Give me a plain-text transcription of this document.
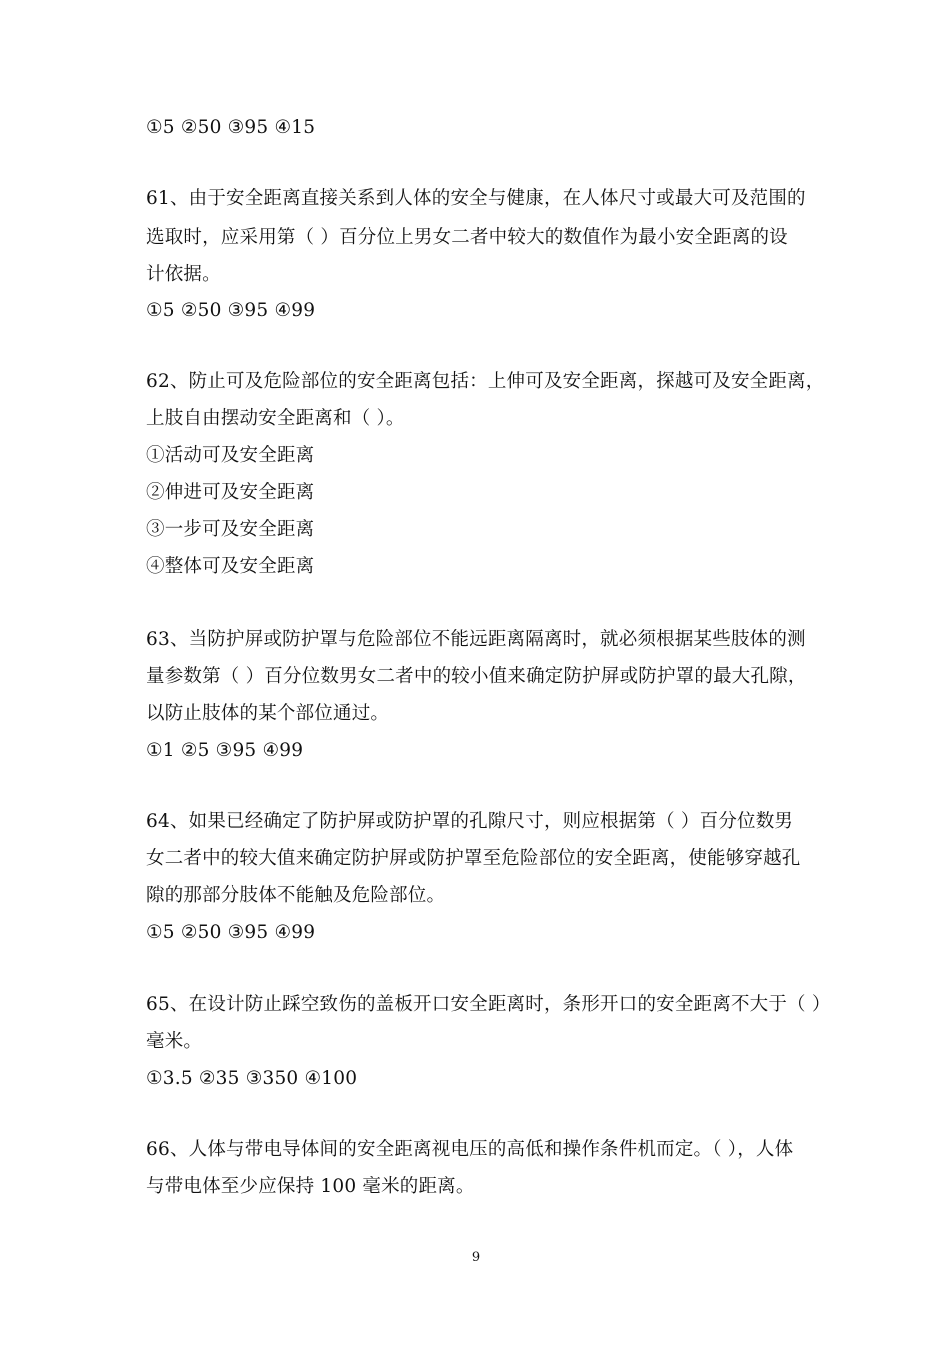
①5 ②50 ③95 ④15
61、由于安全距离直接关系到人体的安全与健康，在人体尺寸或最大可及范围的
选取时，应采用第（ ）百分位上男女二者中较大的数值作为最小安全距离的设
计依据。
①5 ②50 ③95 ④99
62、防止可及危险部位的安全距离包括：上伸可及安全距离，探越可及安全距离，
上肢自由摆动安全距离和（ ）。
①活动可及安全距离
②伸进可及安全距离
③一步可及安全距离
④整体可及安全距离
63、当防护屏或防护罩与危险部位不能远距离隔离时，就必须根据某些肢体的测
量参数第（ ）百分位数男女二者中的较小值来确定防护屏或防护罩的最大孔隙，
以防止肢体的某个部位通过。
①1 ②5 ③95 ④99
64、如果已经确定了防护屏或防护罩的孔隙尺寸，则应根据第（ ）百分位数男
女二者中的较大值来确定防护屏或防护罩至危险部位的安全距离，使能够穿越孔
隙的那部分肢体不能触及危险部位。
①5 ②50 ③95 ④99
65、在设计防止踩空致伤的盖板开口安全距离时，条形开口的安全距离不大于（ ）
毫米。
①3.5 ②35 ③350 ④100
66、人体与带电导体间的安全距离视电压的高低和操作条件机而定。（ ），人体
与带电体至少应保持 100 毫米的距离。
9
